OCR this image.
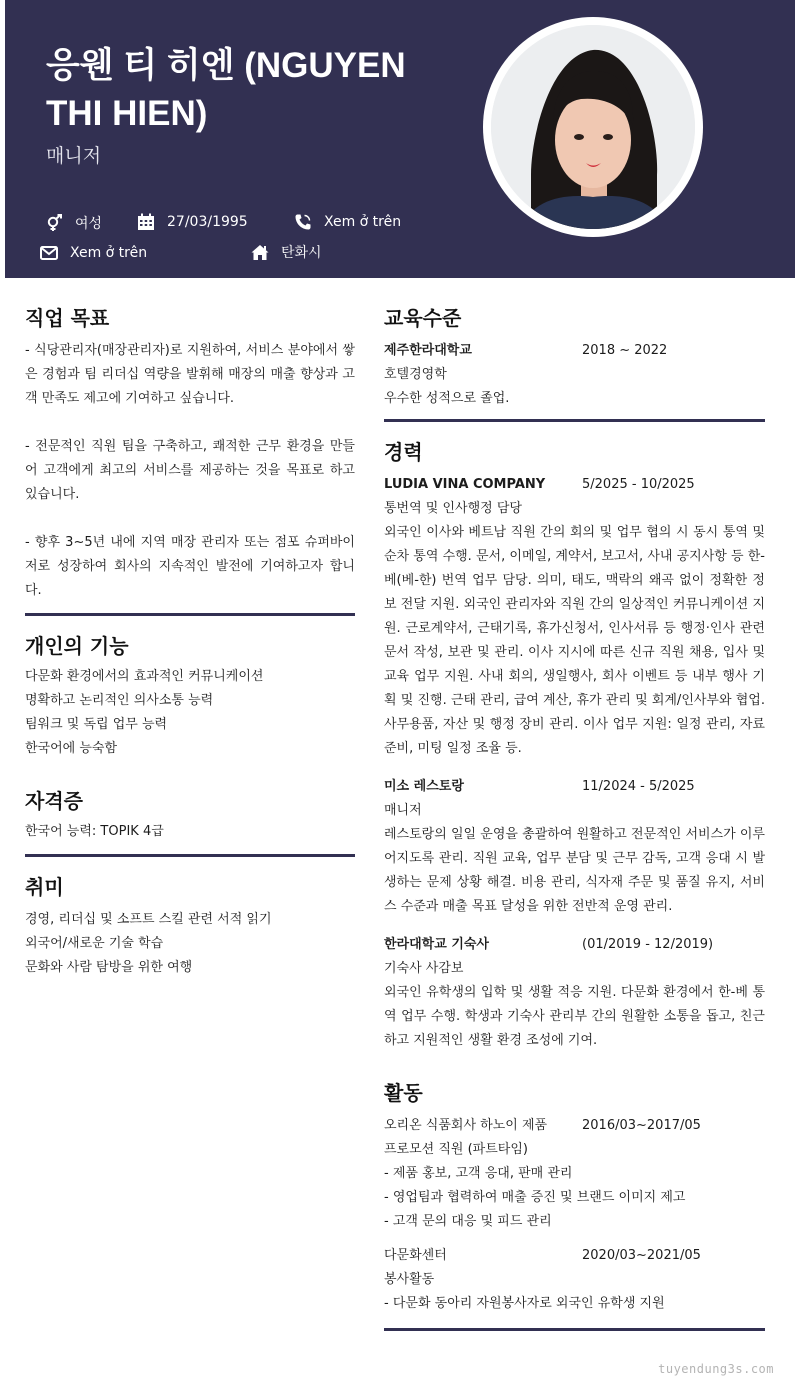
응웬 티 히엔 (NGUYEN THI HIEN)
매니저
여성	27/03/1995	Xem ở trên
Xem ở trên	탄화시
직업 목표
- 식당관리자(매장관리자)로 지원하여, 서비스 분야에서 쌓은 경험과 팀 리더십 역량을 발휘해 매장의 매출 향상과 고객 만족도 제고에 기여하고 싶습니다.
- 전문적인 직원 팀을 구축하고, 쾌적한 근무 환경을 만들어 고객에게 최고의 서비스를 제공하는 것을 목표로 하고 있습니다.
- 향후 3~5년 내에 지역 매장 관리자 또는 점포 슈퍼바이저로 성장하여 회사의 지속적인 발전에 기여하고자 합니다.
개인의 기능
다문화 환경에서의 효과적인 커뮤니케이션
명확하고 논리적인 의사소통 능력
팀워크 및 독립 업무 능력
한국어에 능숙함
자격증
한국어 능력: TOPIK 4급
취미
경영, 리더십 및 소프트 스킬 관련 서적 읽기
외국어/새로운 기술 학습
문화와 사람 탐방을 위한 여행
교육수준
제주한라대학교	2018 ~ 2022
호텔경영학
우수한 성적으로 졸업.
경력
LUDIA VINA COMPANY	5/2025 - 10/2025
통번역 및 인사행정 담당
외국인 이사와 베트남 직원 간의 회의 및 업무 협의 시 동시 통역 및 순차 통역 수행. 문서, 이메일, 계약서, 보고서, 사내 공지사항 등 한-베(베-한) 번역 업무 담당. 의미, 태도, 맥락의 왜곡 없이 정확한 정보 전달 지원. 외국인 관리자와 직원 간의 일상적인 커뮤니케이션 지원. 근로계약서, 근태기록, 휴가신청서, 인사서류 등 행정·인사 관련 문서 작성, 보관 및 관리. 이사 지시에 따른 신규 직원 채용, 입사 및 교육 업무 지원. 사내 회의, 생일행사, 회사 이벤트 등 내부 행사 기획 및 진행. 근태 관리, 급여 계산, 휴가 관리 및 회계/인사부와 협업. 사무용품, 자산 및 행정 장비 관리. 이사 업무 지원: 일정 관리, 자료 준비, 미팅 일정 조율 등.
미소 레스토랑	11/2024 - 5/2025
매니저
레스토랑의 일일 운영을 총괄하여 원활하고 전문적인 서비스가 이루어지도록 관리. 직원 교육, 업무 분담 및 근무 감독, 고객 응대 시 발생하는 문제 상황 해결. 비용 관리, 식자재 주문 및 품질 유지, 서비스 수준과 매출 목표 달성을 위한 전반적 운영 관리.
한라대학교 기숙사	(01/2019 - 12/2019)
기숙사 사감보
외국인 유학생의 입학 및 생활 적응 지원. 다문화 환경에서 한-베 통역 업무 수행. 학생과 기숙사 관리부 간의 원활한 소통을 돕고, 친근하고 지원적인 생활 환경 조성에 기여.
활동
오리온 식품회사 하노이 제품	2016/03~2017/05
프로모션 직원 (파트타임)
- 제품 홍보, 고객 응대, 판매 관리
- 영업팀과 협력하여 매출 증진 및 브랜드 이미지 제고
- 고객 문의 대응 및 피드 관리
다문화센터	2020/03~2021/05
봉사활동
- 다문화 동아리 자원봉사자로 외국인 유학생 지원
tuyendung3s.com
